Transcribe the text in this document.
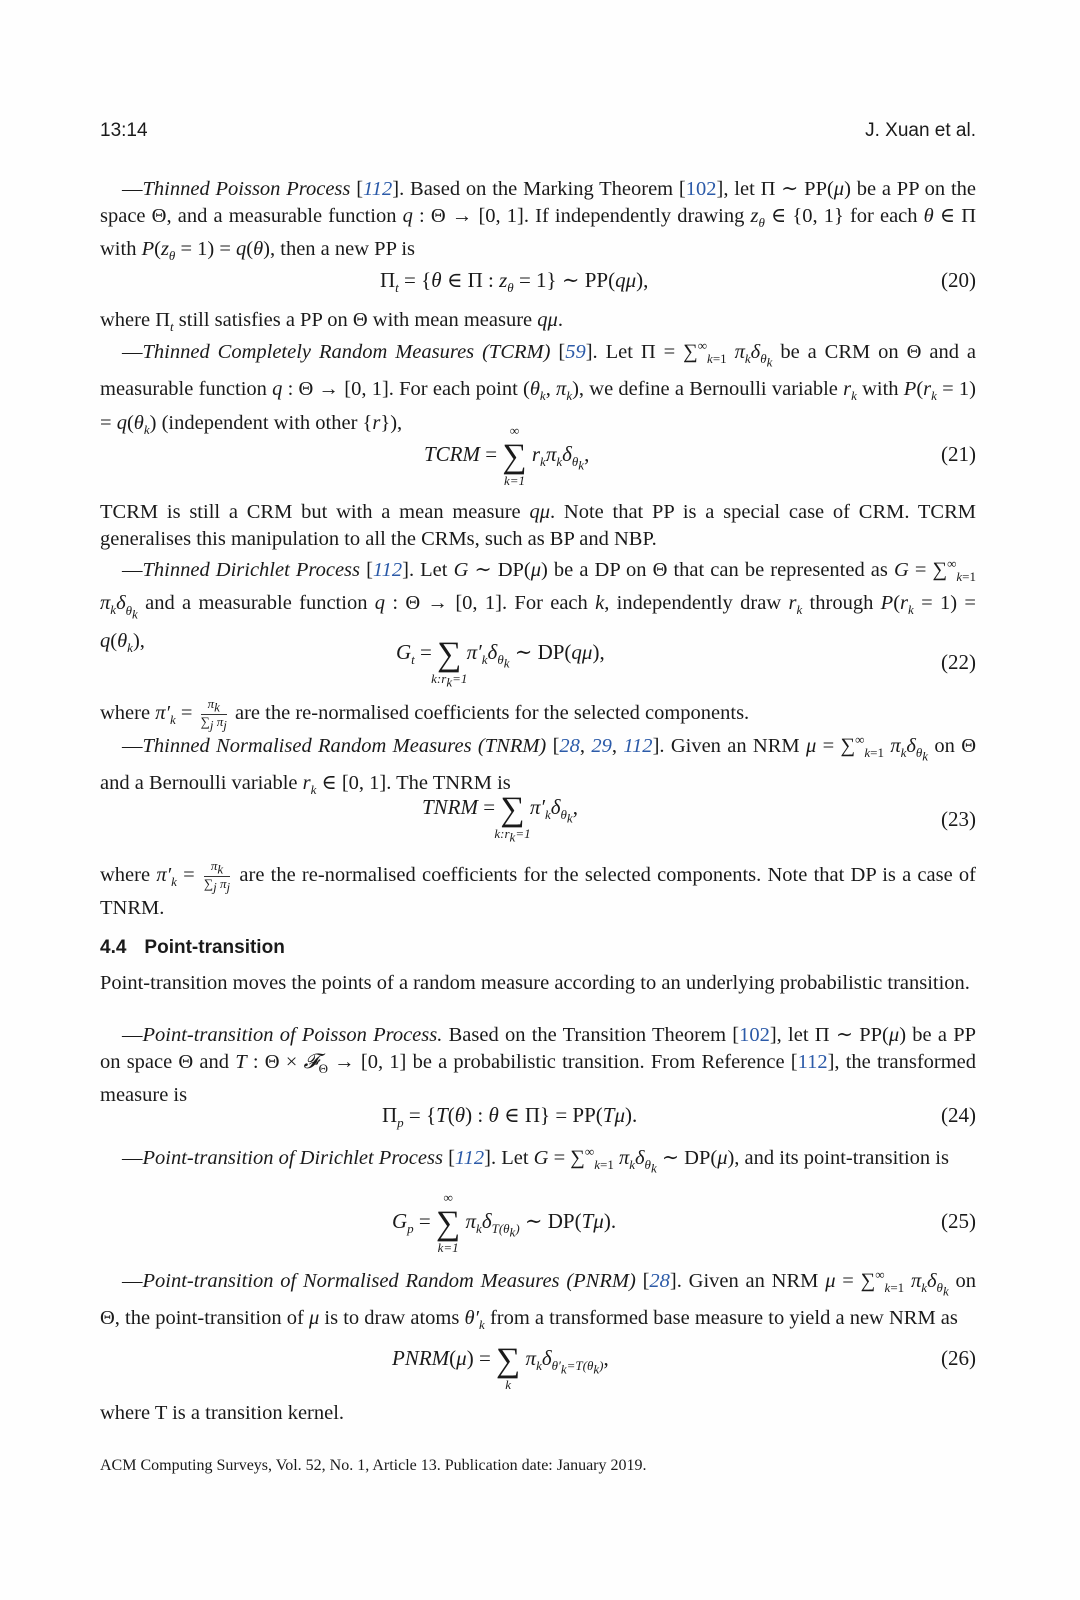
13:14	J. Xuan et al.

—Thinned Poisson Process [112]. Based on the Marking Theorem [102], let Π ∼ PP(μ) be a PP on the space Θ, and a measurable function q : Θ → [0, 1]. If independently drawing $z_\theta$ ∈ {0, 1} for each θ ∈ Π with $P(z_\theta = 1) = q(\theta)$, then a new PP is

$\Pi_t = \{\theta$ ∈ Π : $z_\theta = 1$} ∼ PP(qμ),	(20)

where $\Pi_t$ still satisfies a PP on Θ with mean measure qμ.

—Thinned Completely Random Measures (TCRM) [59]. Let $\Pi = \sum^\infty_{k=1}$ $\pi_k\delta_{\theta_k}$ be a CRM on Θ and a measurable function q : Θ → [0, 1]. For each point ($\theta_k$, $\pi_k$), we define a Bernoulli variable $r_k$ with $P(r_k = 1) = q(\theta_k)$ (independent with other {r}),

TCRM = ∑
∞
k=1
$r_k\pi_k\delta_{\theta_k}$,	(21)

TCRM is still a CRM but with a mean measure qμ. Note that PP is a special case of CRM. TCRM generalises this manipulation to all the CRMs, such as BP and NBP.

—Thinned Dirichlet Process [112]. Let G ∼ DP(μ) be a DP on Θ that can be represented as $G = \sum^\infty_{k=1}$ $\pi_k\delta_{\theta_k}$ and a measurable function q : Θ → [0, 1]. For each k, independently draw $r_k$ through $P(r_k = 1) = q(\theta_k)$,	$G_t$ = ∑
$k:r_k=1$
$\pi'_k\delta_{\theta_k}$ ∼ DP(qμ),	(22)

where $\pi'_k = \frac{\pi_k}{\sum_j \pi_j}$ are the re-normalised coefficients for the selected components.

—Thinned Normalised Random Measures (TNRM) [28, 29, 112]. Given an NRM $\mu = \sum^\infty_{k=1}$ $\pi_k\delta_{\theta_k}$ on Θ and a Bernoulli variable $r_k$ ∈ [0, 1]. The TNRM is

TNRM = ∑
$k:r_k=1$
$\pi'_k\delta_{\theta_k}$,	(23)

where $\pi'_k = \frac{\pi_k}{\sum_j \pi_j}$ are the re-normalised coefficients for the selected components. Note that DP is a case of TNRM.

4.4 Point-transition

Point-transition moves the points of a random measure according to an underlying probabilistic transition.

—Point-transition of Poisson Process. Based on the Transition Theorem [102], let Π ∼ PP(μ) be a PP on space Θ and T : Θ × 𝓕$_\Theta$ → [0, 1] be a probabilistic transition. From Reference [112], the transformed measure is

$\Pi_p = \{T(\theta)$ : θ ∈ Π} = PP(Tμ).	(24)

—Point-transition of Dirichlet Process [112]. Let $G = \sum^\infty_{k=1}$ $\pi_k\delta_{\theta_k}$ ∼ DP(μ), and its point-transition is

$G_p$ = ∑
∞
k=1
$\pi_k\delta_{T(\theta_k)}$ ∼ DP(Tμ).	(25)

—Point-transition of Normalised Random Measures (PNRM) [28]. Given an NRM $\mu = \sum^\infty_{k=1}$ $\pi_k\delta_{\theta_k}$ on Θ, the point-transition of μ is to draw atoms $\theta'_k$ from a transformed base measure to yield a new NRM as

PNRM(μ) = ∑
k
$\pi_k\delta_{\theta'_k=T(\theta_k)}$,	(26)

where T is a transition kernel.

ACM Computing Surveys, Vol. 52, No. 1, Article 13. Publication date: January 2019.
